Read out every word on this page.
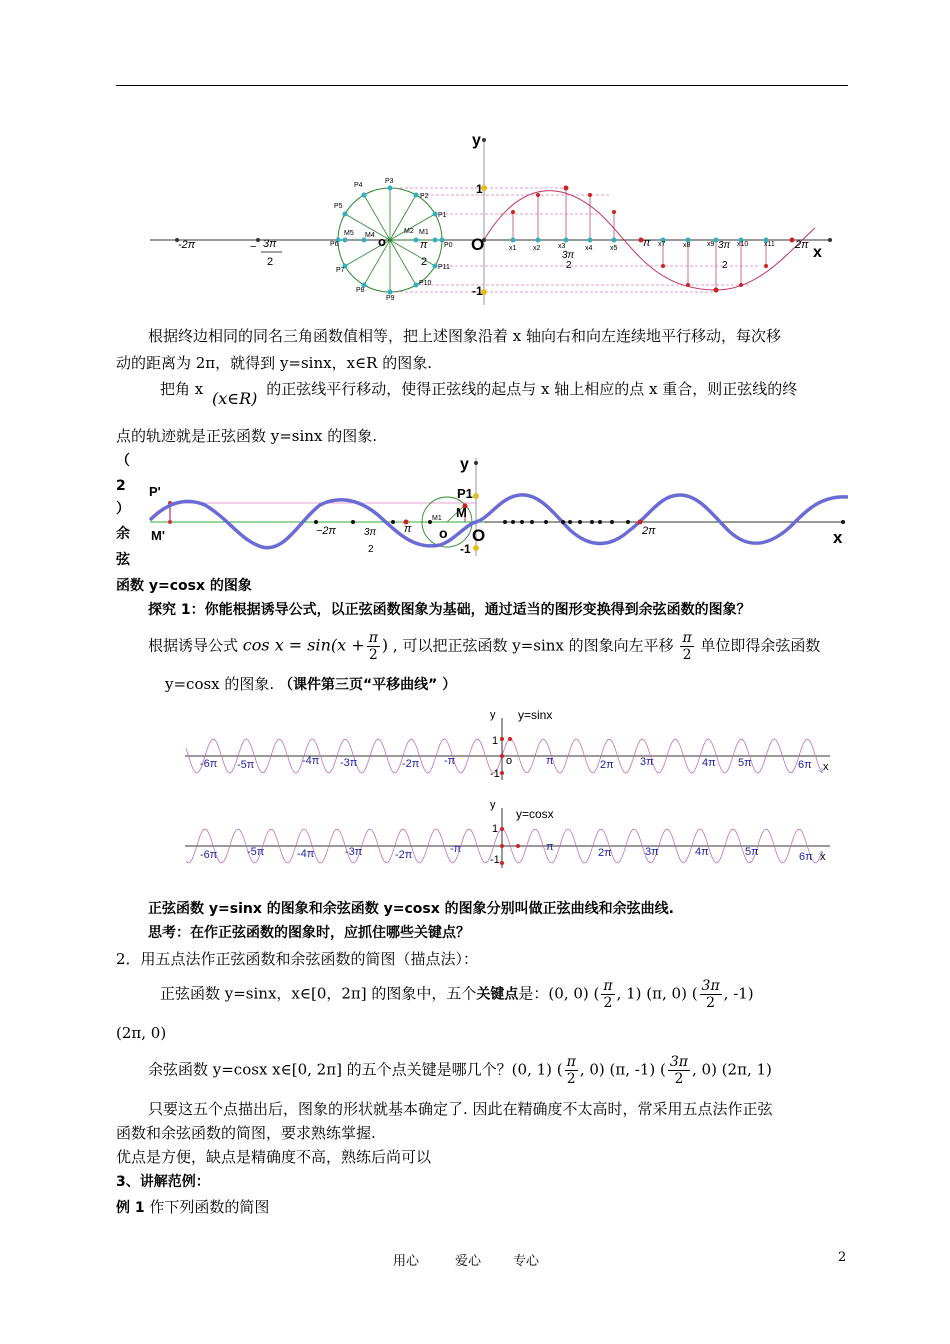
y
x
O
o
1
-1
-2π	− 3π
2
π
2
π	2π
3π
2
3π
2
P0
P1
P2
P3
P4
P5
P6
P7
P8
P9
P10
P11
M1
M2
M4
M5
x1 x2	x3	x4	x5
x7	x8 x9	x10 x11
根据终边相同的同名三角函数值相等，把上述图象沿着 x 轴向右和向左连续地平行移动，每次移
动的距离为 2π，就得到 y=sinx，x∈R 的图象.
把角 x (x∈R) 的正弦线平行移动，使得正弦线的起点与 x 轴上相应的点 x 重合，则正弦线的终
点的轨迹就是正弦函数 y=sinx 的图象.
（
2
）
余
弦
函数 y=cosx 的图象
y
x
O
o
P'
M'
P1
M
M1
-1
−2π	3π
2
π	2π
探究 1：你能根据诱导公式，以正弦函数图象为基础，通过适当的图形变换得到余弦函数的图象？
根据诱导公式 $\cos x = \sin(x + \frac{\pi}{2}$ ) , 可以把正弦函数 y=sinx 的图象向左平移 $\frac{\pi}{2}$ 单位即得余弦函数
y=cosx 的图象. （课件第三页“平移曲线” ）
y=sinx
y
1
-1
o	x
y=cosx
y
1
-1	x
-6π -5π	-4π -3π	-2π -π	π	2π 3π	4π 5π	6π
-6π	-5π	-4π	-3π	-2π	-π	π	2π	3π	4π	5π	6π
正弦函数 y=sinx 的图象和余弦函数 y=cosx 的图象分别叫做正弦曲线和余弦曲线.
思考：在作正弦函数的图象时，应抓住哪些关键点？
2．用五点法作正弦函数和余弦函数的简图（描点法）：
正弦函数 y=sinx，x∈[0，2π] 的图象中，五个关键点是：(0, 0) ( $\frac{\pi}{2}$ , 1) (π, 0) ( $\frac{3\pi}{2}$ , -1)
(2π, 0)
余弦函数 y=cosx x∈[0, 2π] 的五个点关键是哪几个？(0, 1) ( $\frac{\pi}{2}$ , 0) (π, -1) ( $\frac{3\pi}{2}$ , 0) (2π, 1)
只要这五个点描出后，图象的形状就基本确定了. 因此在精确度不太高时，常采用五点法作正弦
函数和余弦函数的简图，要求熟练掌握.
优点是方便，缺点是精确度不高，熟练后尚可以
3、讲解范例：
例 1 作下列函数的简图
用心	爱心 专心	2
